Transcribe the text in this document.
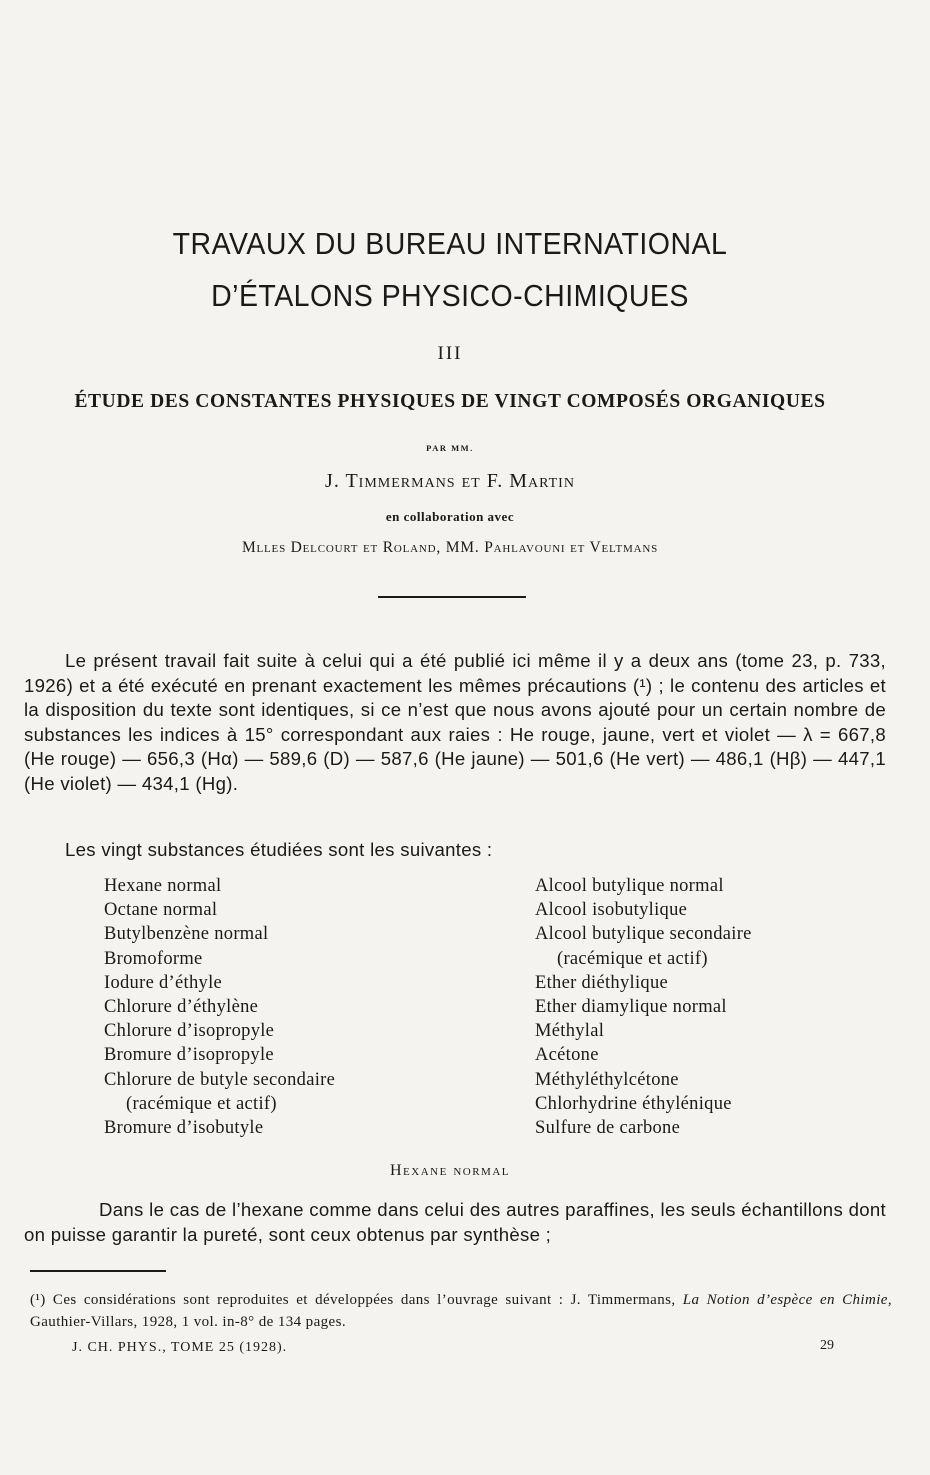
TRAVAUX DU BUREAU INTERNATIONAL
D’ÉTALONS PHYSICO-CHIMIQUES
III
ÉTUDE DES CONSTANTES PHYSIQUES DE VINGT COMPOSÉS ORGANIQUES
PAR MM.
J. Timmermans et F. Martin
en collaboration avec
Mlles Delcourt et Roland, MM. Pahlavouni et Veltmans
Le présent travail fait suite à celui qui a été publié ici même il y a deux ans (tome 23, p. 733, 1926) et a été exécuté en prenant exactement les mêmes précautions (¹) ; le contenu des articles et la disposition du texte sont identiques, si ce n’est que nous avons ajouté pour un certain nombre de substances les indices à 15° correspondant aux raies : He rouge, jaune, vert et violet — λ = 667,8 (He rouge) — 656,3 (Hα) — 589,6 (D) — 587,6 (He jaune) — 501,6 (He vert) — 486,1 (Hβ) — 447,1 (He violet) — 434,1 (Hg).
Les vingt substances étudiées sont les suivantes :
Hexane normal
Octane normal
Butylbenzène normal
Bromoforme
Iodure d’éthyle
Chlorure d’éthylène
Chlorure d’isopropyle
Bromure d’isopropyle
Chlorure de butyle secondaire
(racémique et actif)
Bromure d’isobutyle
Alcool butylique normal
Alcool isobutylique
Alcool butylique secondaire
(racémique et actif)
Ether diéthylique
Ether diamylique normal
Méthylal
Acétone
Méthyléthylcétone
Chlorhydrine éthylénique
Sulfure de carbone
Hexane normal
Dans le cas de l’hexane comme dans celui des autres paraffines, les seuls échantillons dont on puisse garantir la pureté, sont ceux obtenus par synthèse ;
(¹) Ces considérations sont reproduites et développées dans l’ouvrage suivant : J. Timmermans, La Notion d’espèce en Chimie, Gauthier-Villars, 1928, 1 vol. in-8° de 134 pages.
J. CH. PHYS., TOME 25 (1928).	29
